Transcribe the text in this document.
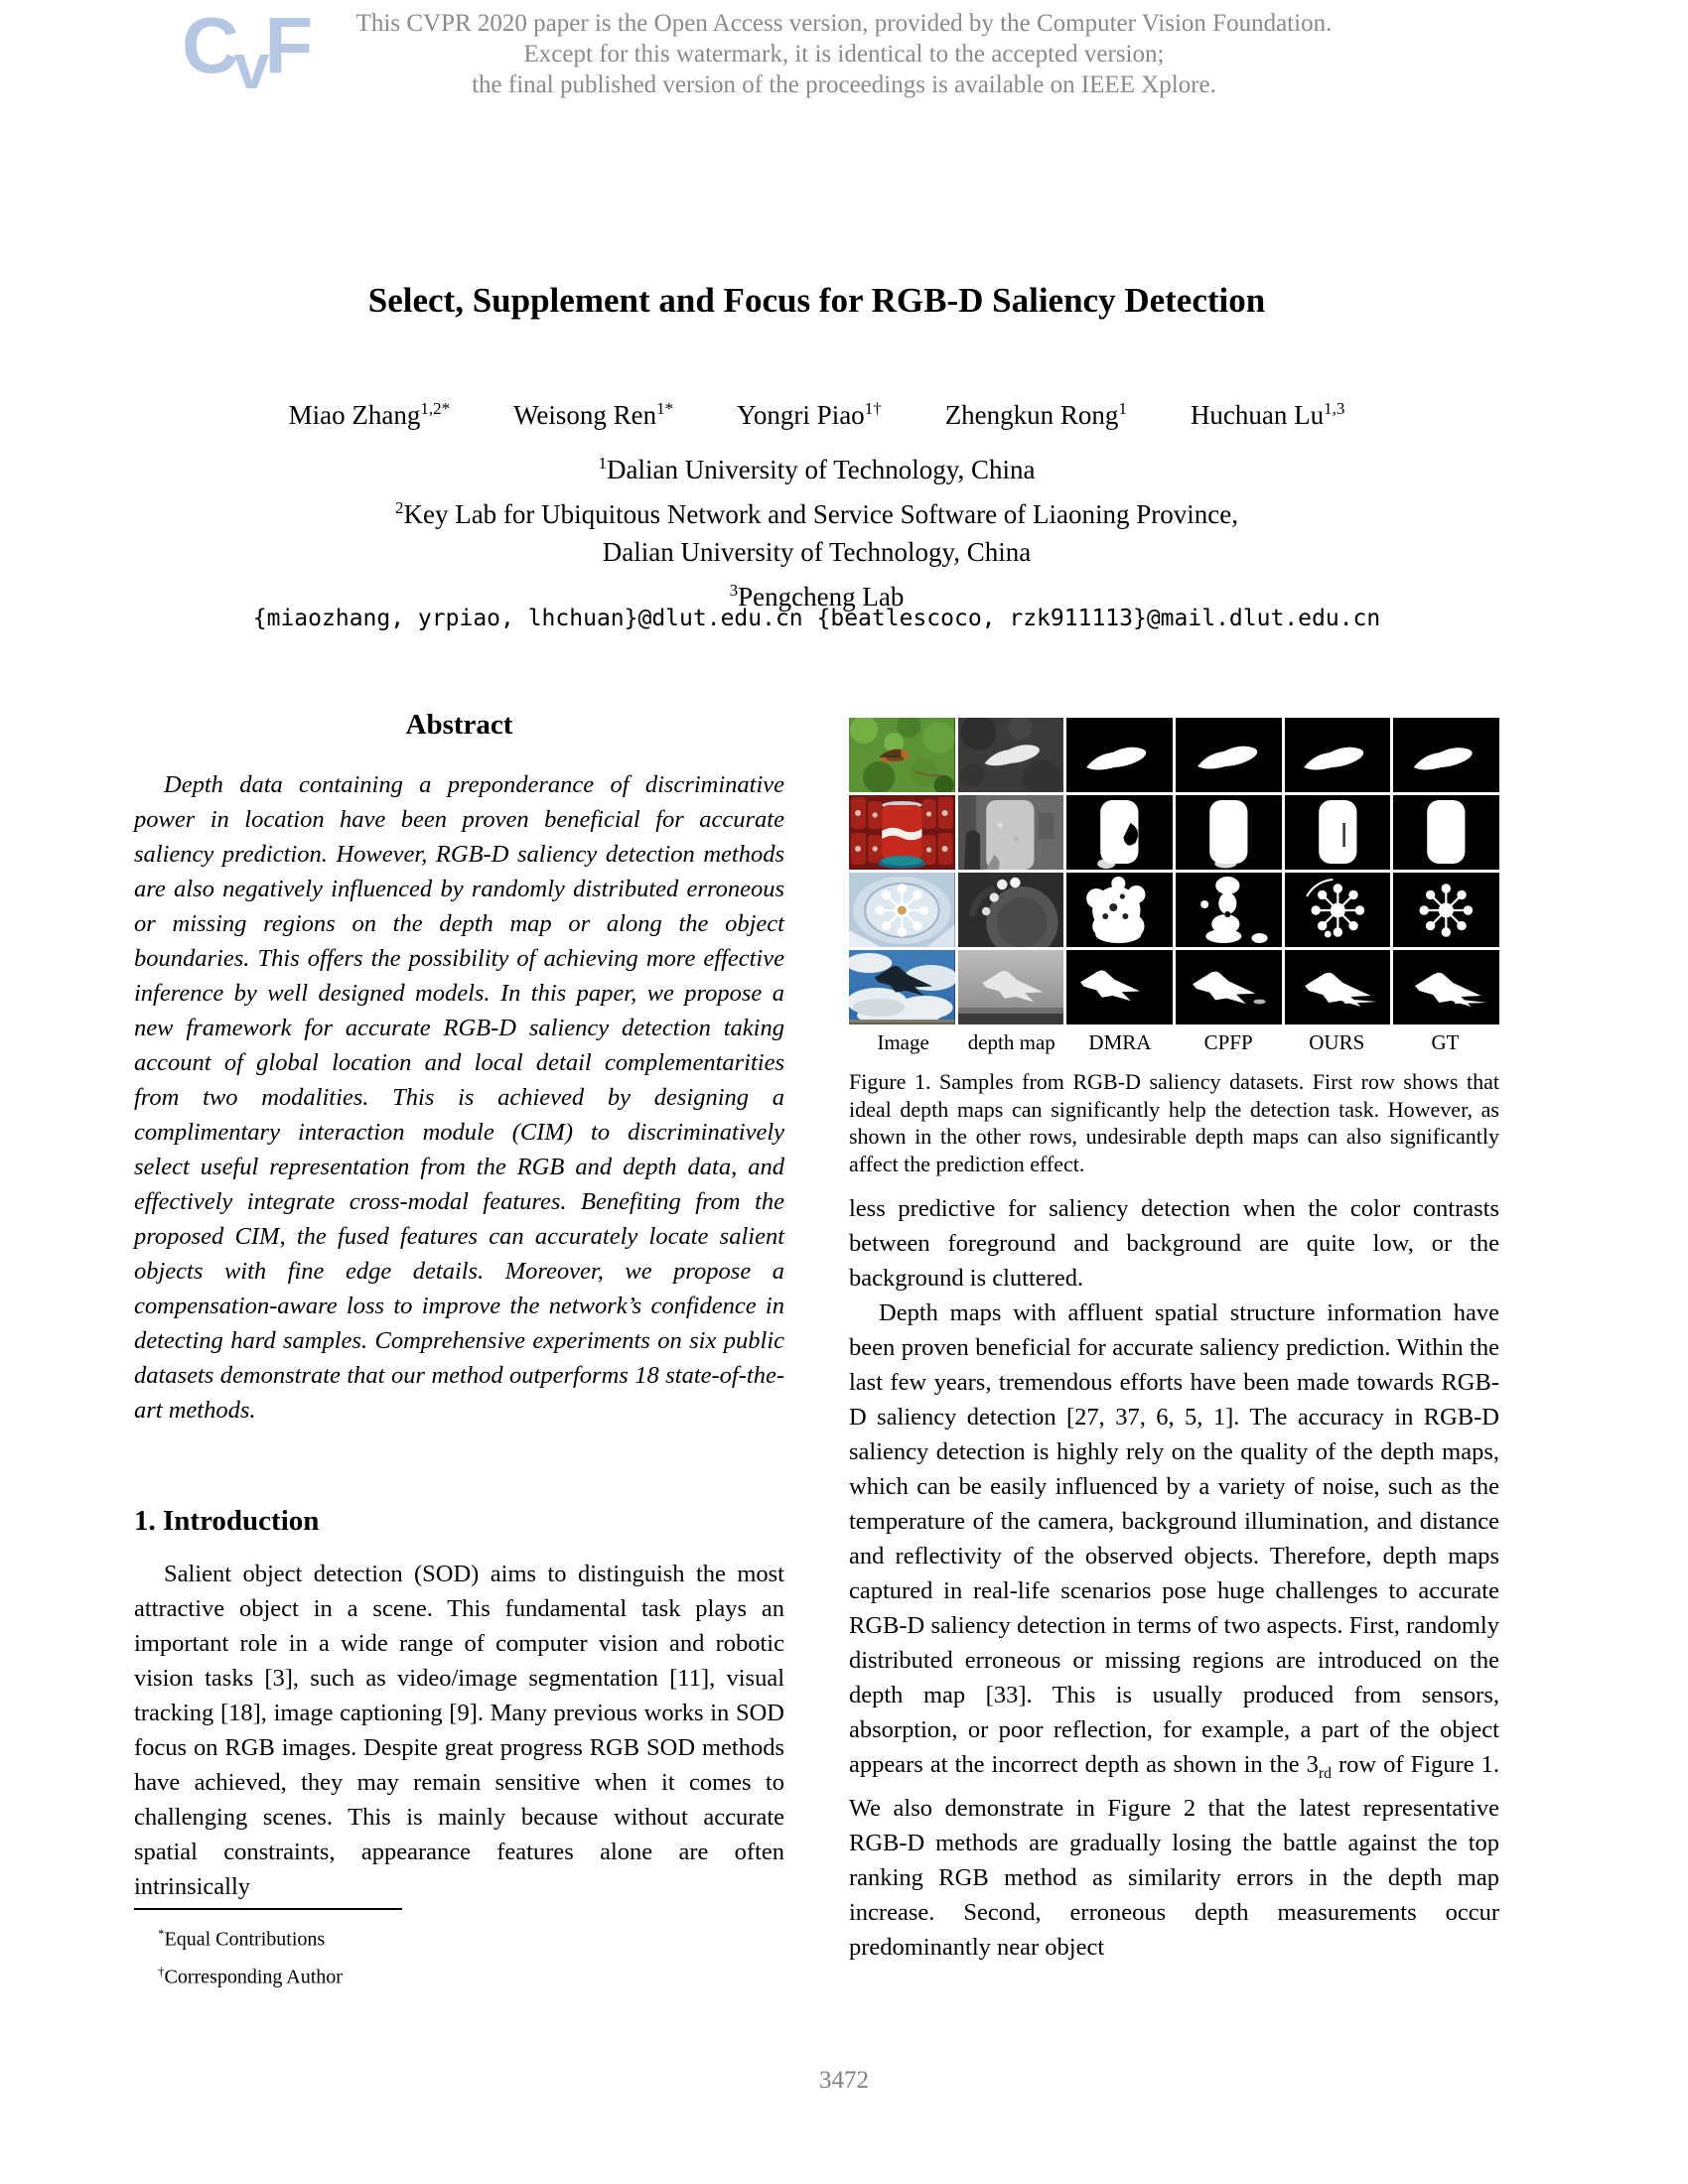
CvF	This CVPR 2020 paper is the Open Access version, provided by the Computer Vision Foundation.
Except for this watermark, it is identical to the accepted version;
the final published version of the proceedings is available on IEEE Xplore.
Select, Supplement and Focus for RGB-D Saliency Detection
Miao Zhang$^{1,2*}$ Weisong Ren$^{1*}$ Yongri Piao$^{1\dagger}$ Zhengkun Rong$^1$ Huchuan Lu$^{1,3}$
$^1$Dalian University of Technology, China
$^2$Key Lab for Ubiquitous Network and Service Software of Liaoning Province,
Dalian University of Technology, China
$^3$Pengcheng Lab
{miaozhang, yrpiao, lhchuan}@dlut.edu.cn {beatlescoco, rzk911113}@mail.dlut.edu.cn
Abstract

Depth data containing a preponderance of discriminative power in location have been proven beneficial for accurate saliency prediction. However, RGB-D saliency detection methods are also negatively influenced by randomly distributed erroneous or missing regions on the depth map or along the object boundaries. This offers the possibility of achieving more effective inference by well designed models. In this paper, we propose a new framework for accurate RGB-D saliency detection taking account of global location and local detail complementarities from two modalities. This is achieved by designing a complimentary interaction module (CIM) to discriminatively select useful representation from the RGB and depth data, and effectively integrate cross-modal features. Benefiting from the proposed CIM, the fused features can accurately locate salient objects with fine edge details. Moreover, we propose a compensation-aware loss to improve the network’s confidence in detecting hard samples. Comprehensive experiments on six public datasets demonstrate that our method outperforms 18 state-of-the-art methods.

1. Introduction

Salient object detection (SOD) aims to distinguish the most attractive object in a scene. This fundamental task plays an important role in a wide range of computer vision and robotic vision tasks [3], such as video/image segmentation [11], visual tracking [18], image captioning [9]. Many previous works in SOD focus on RGB images. Despite great progress RGB SOD methods have achieved, they may remain sensitive when it comes to challenging scenes. This is mainly because without accurate spatial constraints, appearance features alone are often intrinsically

*Equal Contributions
†Corresponding Author
Image	depth map	DMRA	CPFP	OURS	GT
Figure 1. Samples from RGB-D saliency datasets. First row shows that ideal depth maps can significantly help the detection task. However, as shown in the other rows, undesirable depth maps can also significantly affect the prediction effect.

less predictive for saliency detection when the color contrasts between foreground and background are quite low, or the background is cluttered.

Depth maps with affluent spatial structure information have been proven beneficial for accurate saliency prediction. Within the last few years, tremendous efforts have been made towards RGB-D saliency detection [27, 37, 6, 5, 1]. The accuracy in RGB-D saliency detection is highly rely on the quality of the depth maps, which can be easily influenced by a variety of noise, such as the temperature of the camera, background illumination, and distance and reflectivity of the observed objects. Therefore, depth maps captured in real-life scenarios pose huge challenges to accurate RGB-D saliency detection in terms of two aspects. First, randomly distributed erroneous or missing regions are introduced on the depth map [33]. This is usually produced from sensors, absorption, or poor reflection, for example, a part of the object appears at the incorrect depth as shown in the $3_{rd}$ row of Figure 1. We also demonstrate in Figure 2 that the latest representative RGB-D methods are gradually losing the battle against the top ranking RGB method as similarity errors in the depth map increase. Second, erroneous depth measurements occur predominantly near object

3472
